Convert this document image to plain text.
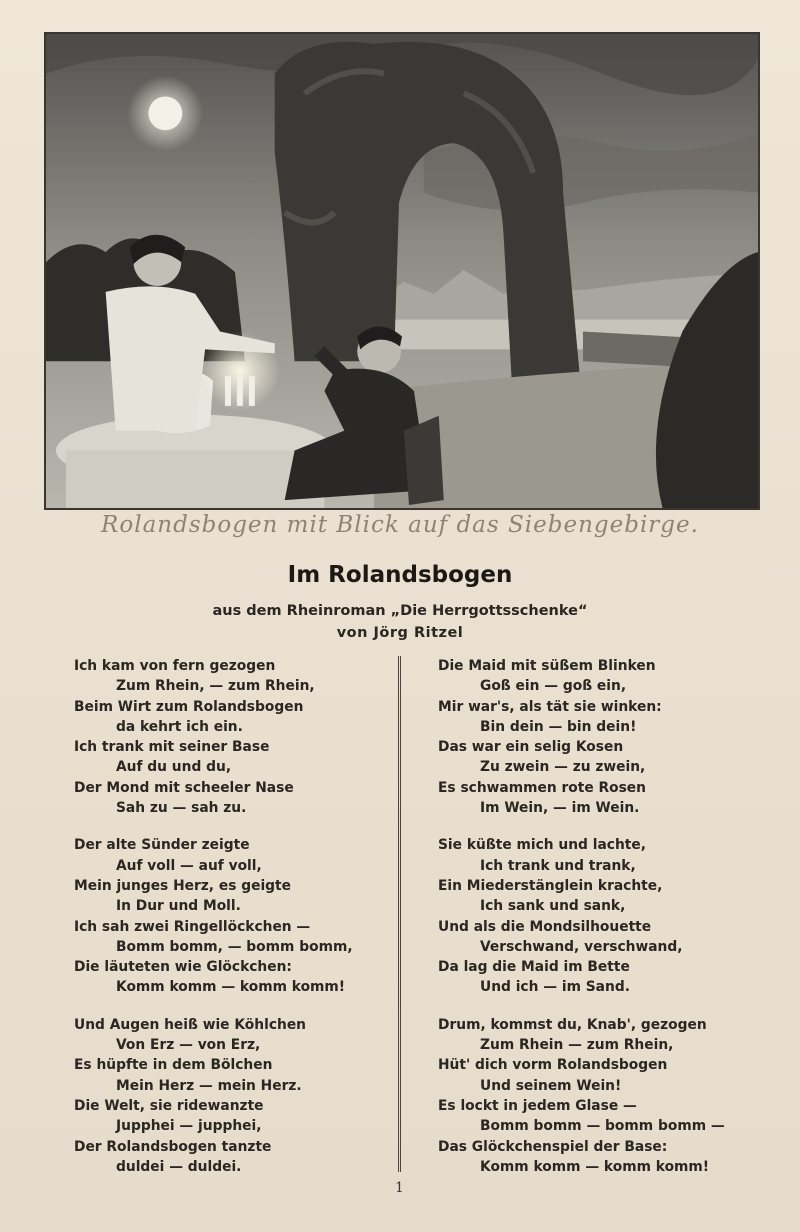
Rolandsbogen mit Blick auf das Siebengebirge.
Im Rolandsbogen
aus dem Rheinroman „Die Herrgottsschenke“
von Jörg Ritzel
Ich kam von fern gezogen
Zum Rhein, — zum Rhein,
Beim Wirt zum Rolandsbogen
da kehrt ich ein.
Ich trank mit seiner Base
Auf du und du,
Der Mond mit scheeler Nase
Sah zu — sah zu.
Der alte Sünder zeigte
Auf voll — auf voll,
Mein junges Herz, es geigte
In Dur und Moll.
Ich sah zwei Ringellöckchen —
Bomm bomm, — bomm bomm,
Die läuteten wie Glöckchen:
Komm komm — komm komm!
Und Augen heiß wie Köhlchen
Von Erz — von Erz,
Es hüpfte in dem Bölchen
Mein Herz — mein Herz.
Die Welt, sie ridewanzte
Jupphei — jupphei,
Der Rolandsbogen tanzte
duldei — duldei.
Die Maid mit süßem Blinken
Goß ein — goß ein,
Mir war's, als tät sie winken:
Bin dein — bin dein!
Das war ein selig Kosen
Zu zwein — zu zwein,
Es schwammen rote Rosen
Im Wein, — im Wein.
Sie küßte mich und lachte,
Ich trank und trank,
Ein Miederstänglein krachte,
Ich sank und sank,
Und als die Mondsilhouette
Verschwand, verschwand,
Da lag die Maid im Bette
Und ich — im Sand.
Drum, kommst du, Knab', gezogen
Zum Rhein — zum Rhein,
Hüt' dich vorm Rolandsbogen
Und seinem Wein!
Es lockt in jedem Glase —
Bomm bomm — bomm bomm —
Das Glöckchenspiel der Base:
Komm komm — komm komm!
1
